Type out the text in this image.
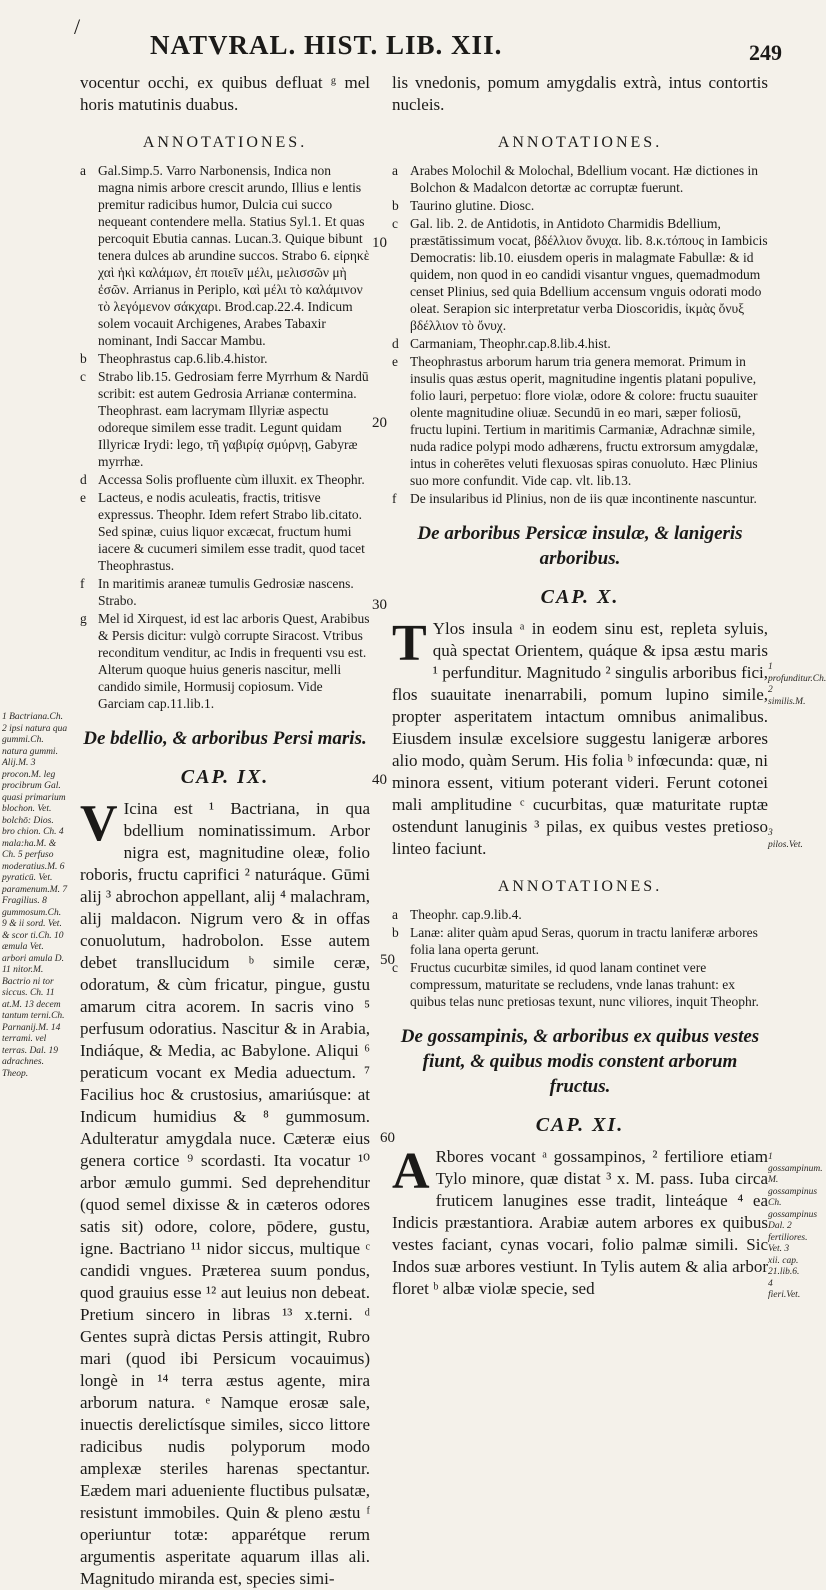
/
NATVRAL. HIST. LIB. XII.	249
10
20
30
40
50
60
1 Bactriana.Ch. 2 ipsi natura qua gummi.Ch. natura gummi. Alij.M. 3 procon.M. leg procibrum Gal. quasi primarium blochon. Vet. bolchō: Dios. bro chion. Ch. 4 mala:ha.M. & Ch. 5 perfuso moderatius.M. 6 pyraticū. Vet. paramenum.M. 7 Fragilius. 8 gummosum.Ch. 9 & ii sord. Vet. & scor ti.Ch. 10 æmula Vet. arbori amula D. 11 nitor.M. Bactrio ni tor siccus. Ch. 11 at.M. 13 decem tantum terni.Ch. Parnanij.M. 14 terrami. vel terras. Dal. 19 adrachnes. Theop.
1 profunditur.Ch. 2 similis.M.
3 pilos.Vet.
1 gossampinum. M. gossampinus Ch. gossampinus Dal. 2 fertiliores. Vet. 3 xii. cap. 21.lib.6. 4 fieri.Vet.

vocentur occhi, ex quibus defluat ᵍ mel horis matutinis duabus.

ANNOTATIONES.
a Gal.Simp.5. Varro Narbonensis, Indica non magna nimis arbore crescit arundo, Illius e lentis premitur radicibus humor, Dulcia cui succo nequeant contendere mella. Statius Syl.1. Et quas percoquit Ebutia cannas. Lucan.3. Quique bibunt tenera dulces ab arundine succos. Strabo 6. εἰρηκὲ χαὶ ἡκὶ καλάμων, ἐπ ποιεῖν μέλι, μελισσῶν μὴ ἐσῶν. Arrianus in Periplo, καὶ μέλι τὸ καλάμινον τὸ λεγόμενον σάκχαρι. Brod.cap.22.4. Indicum solem vocauit Archigenes, Arabes Tabaxir nominant, Indi Saccar Mambu.
b Theophrastus cap.6.lib.4.histor.
c Strabo lib.15. Gedrosiam ferre Myrrhum & Nardū scribit: est autem Gedrosia Arrianæ contermina. Theophrast. eam lacrymam Illyriæ aspectu odoreque similem esse tradit. Legunt quidam Illyricæ Irydi: lego, τῆ γαβιρίᾳ σμύρνῃ, Gabyræ myrrhæ.
d Accessa Solis profluente cùm illuxit. ex Theophr.
e Lacteus, e nodis aculeatis, fractis, tritisve expressus. Theophr. Idem refert Strabo lib.citato. Sed spinæ, cuius liquor excæcat, fructum humi iacere & cucumeri similem esse tradit, quod tacet Theophrastus.
f	In maritimis araneæ tumulis Gedrosiæ nascens. Strabo.
g Mel id Xirquest, id est lac arboris Quest, Arabibus & Persis dicitur: vulgò corrupte Siracost. Vtribus reconditum venditur, ac Indis in frequenti vsu est. Alterum quoque huius generis nascitur, melli candido simile, Hormusij copiosum. Vide Garciam cap.11.lib.1.
De bdellio, & arboribus Persi maris.
CAP. IX.

V Icina est ¹ Bactriana, in qua bdellium nominatissimum. Arbor nigra est, magnitudine oleæ, folio roboris, fructu caprifici ² naturáque. Gūmi alij ³ abrochon appellant, alij ⁴ malachram, alij maldacon. Nigrum vero & in offas conuolutum, hadrobolon. Esse autem debet transllucidum ᵇ simile ceræ, odoratum, & cùm fricatur, pingue, gustu amarum citra acorem. In sacris vino ⁵ perfusum odoratius. Nascitur & in Arabia, Indiáque, & Media, ac Babylone. Aliqui ⁶ peraticum vocant ex Media aduectum. ⁷ Facilius hoc & crustosius, amariúsque: at Indicum humidius & ⁸ gummosum. Adulteratur amygdala nuce. Cæteræ eius genera cortice ⁹ scordasti. Ita vocatur ¹⁰ arbor æmulo gummi. Sed deprehenditur (quod semel dixisse & in cæteros odores satis sit) odore, colore, pōdere, gustu, igne. Bactriano ¹¹ nidor siccus, multique ᶜ candidi vngues. Præterea suum pondus, quod grauius esse ¹² aut leuius non debeat. Pretium sincero in libras ¹³ x.terni. ᵈ Gentes suprà dictas Persis attingit, Rubro mari (quod ibi Persicum vocauimus) longè in ¹⁴ terra æstus agente, mira arborum natura. ᵉ Namque erosæ sale, inuectis derelictísque similes, sicco littore radicibus nudis polyporum modo amplexæ steriles harenas spectantur. Eædem mari adueniente fluctibus pulsatæ, resistunt immobiles. Quin & pleno æstu ᶠ operiuntur totæ: apparétque rerum argumentis asperitate aquarum illas ali. Magnitudo miranda est, species simi-

lis vnedonis, pomum amygdalis extrà, intus contortis nucleis.

ANNOTATIONES.
a Arabes Molochil & Molochal, Bdellium vocant. Hæ dictiones in Bolchon & Madalcon detortæ ac corruptæ fuerunt.
b Taurino glutine. Diosc.
c Gal. lib. 2. de Antidotis, in Antidoto Charmidis Bdellium, præstātissimum vocat, βδέλλιον ὄνυχα. lib. 8.κ.τόπους in Iambicis Democratis: lib.10. eiusdem operis in malagmate Fabullæ: & id quidem, non quod in eo candidi visantur vngues, quemadmodum censet Plinius, sed quia Bdellium accensum vnguis odorati modo oleat. Serapion sic interpretatur verba Dioscoridis, ἰκμὰς ὄνυξ βδέλλιον τὸ ὄνυχ.
d Carmaniam, Theophr.cap.8.lib.4.hist.
e Theophrastus arborum harum tria genera memorat. Primum in insulis quas æstus operit, magnitudine ingentis platani populive, folio lauri, perpetuo: flore violæ, odore & colore: fructu suauiter olente magnitudine oliuæ. Secundū in eo mari, sæper foliosū, fructu lupini. Tertium in maritimis Carmaniæ, Adrachnæ simile, nuda radice polypi modo adhærens, fructu extrorsum amygdalæ, intus in coherētes veluti flexuosas spiras conuoluto. Hæc Plinius suo more confundit. Vide cap. vlt. lib.13.
f	De insularibus id Plinius, non de iis quæ incontinente nascuntur.
De arboribus Persicæ insulæ, & lanigeris arboribus.
CAP. X.

T Ylos insula ᵃ in eodem sinu est, repleta syluis, quà spectat Orientem, quáque & ipsa æstu maris ¹ perfunditur. Magnitudo ² singulis arboribus fici, flos suauitate inenarrabili, pomum lupino simile, propter asperitatem intactum omnibus animalibus. Eiusdem insulæ excelsiore suggestu lanigeræ arbores alio modo, quàm Serum. His folia ᵇ infœcunda: quæ, ni minora essent, vitium poterant videri. Ferunt cotonei mali amplitudine ᶜ cucurbitas, quæ maturitate ruptæ ostendunt lanuginis ³ pilas, ex quibus vestes pretioso linteo faciunt.

ANNOTATIONES.
a Theophr. cap.9.lib.4.
b Lanæ: aliter quàm apud Seras, quorum in tractu laniferæ arbores folia lana operta gerunt.
c Fructus cucurbitæ similes, id quod lanam continet vere compressum, maturitate se recludens, vnde lanas trahunt: ex quibus telas nunc pretiosas texunt, nunc viliores, inquit Theophr.
De gossampinis, & arboribus ex quibus vestes fiunt, & quibus modis constent arborum fructus.
CAP. XI.

A Rbores vocant ᵃ gossampinos, ² fertiliore etiam Tylo minore, quæ distat ³ x. M. pass. Iuba circa fruticem lanugines esse tradit, linteáque ⁴ ea Indicis præstantiora. Arabiæ autem arbores ex quibus vestes faciant, cynas vocari, folio palmæ simili. Sic Indos suæ arbores vestiunt. In Tylis autem & alia arbor floret ᵇ albæ violæ specie, sed
